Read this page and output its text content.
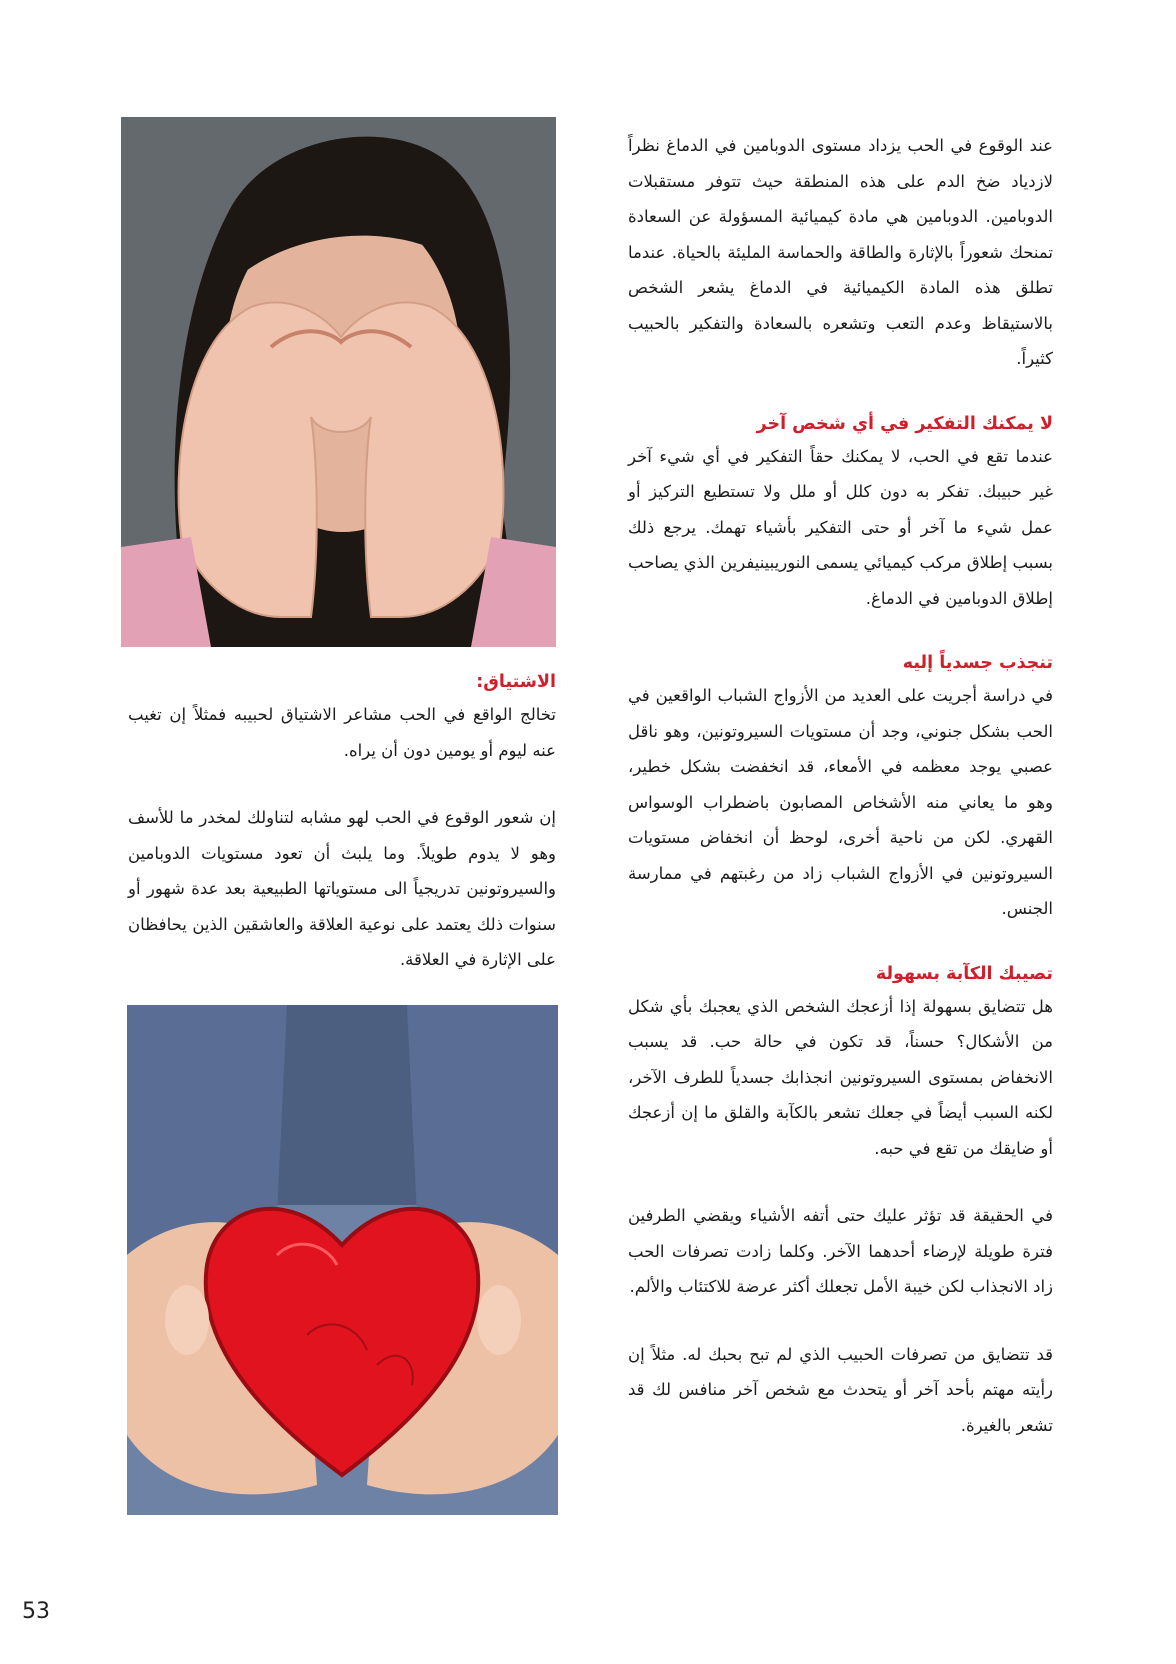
عند الوقوع في الحب يزداد مستوى الدوبامين في الدماغ نظراً لازدياد ضخ الدم على هذه المنطقة حيث تتوفر مستقبلات الدوبامين. الدوبامين هي مادة كيميائية المسؤولة عن السعادة تمنحك شعوراً بالإثارة والطاقة والحماسة المليئة بالحياة. عندما تطلق هذه المادة الكيميائية في الدماغ يشعر الشخص بالاستيقاظ وعدم التعب وتشعره بالسعادة والتفكير بالحبيب كثيراً.

لا يمكنك التفكير في أي شخص آخر

عندما تقع في الحب، لا يمكنك حقاً التفكير في أي شيء آخر غير حبيبك. تفكر به دون كلل أو ملل ولا تستطيع التركيز أو عمل شيء ما آخر أو حتى التفكير بأشياء تهمك. يرجع ذلك بسبب إطلاق مركب كيميائي يسمى النوريبينيفرين الذي يصاحب إطلاق الدوبامين في الدماغ.

تنجذب جسدياً إليه

في دراسة أجريت على العديد من الأزواج الشباب الواقعين في الحب بشكل جنوني، وجد أن مستويات السيروتونين، وهو ناقل عصبي يوجد معظمه في الأمعاء، قد انخفضت بشكل خطير، وهو ما يعاني منه الأشخاص المصابون باضطراب الوسواس القهري. لكن من ناحية أخرى، لوحظ أن انخفاض مستويات السيروتونين في الأزواج الشباب زاد من رغبتهم في ممارسة الجنس.

تصيبك الكآبة بسهولة

هل تتضايق بسهولة إذا أزعجك الشخص الذي يعجبك بأي شكل من الأشكال؟ حسناً، قد تكون في حالة حب. قد يسبب الانخفاض بمستوى السيروتونين انجذابك جسدياً للطرف الآخر، لكنه السبب أيضاً في جعلك تشعر بالكآبة والقلق ما إن أزعجك أو ضايقك من تقع في حبه.

في الحقيقة قد تؤثر عليك حتى أتفه الأشياء ويقضي الطرفين فترة طويلة لإرضاء أحدهما الآخر. وكلما زادت تصرفات الحب زاد الانجذاب لكن خيبة الأمل تجعلك أكثر عرضة للاكتئاب والألم.

قد تتضايق من تصرفات الحبيب الذي لم تبح بحبك له. مثلاً إن رأيته مهتم بأحد آخر أو يتحدث مع شخص آخر منافس لك قد تشعر بالغيرة.

الاشتياق:

تخالج الواقع في الحب مشاعر الاشتياق لحبيبه فمثلاً إن تغيب عنه ليوم أو يومين دون أن يراه.

إن شعور الوقوع في الحب لهو مشابه لتناولك لمخدر ما للأسف وهو لا يدوم طويلاً. وما يلبث أن تعود مستويات الدوبامين والسيروتونين تدريجياً الى مستوياتها الطبيعية بعد عدة شهور أو سنوات ذلك يعتمد على نوعية العلاقة والعاشقين الذين يحافظان على الإثارة في العلاقة.

53
